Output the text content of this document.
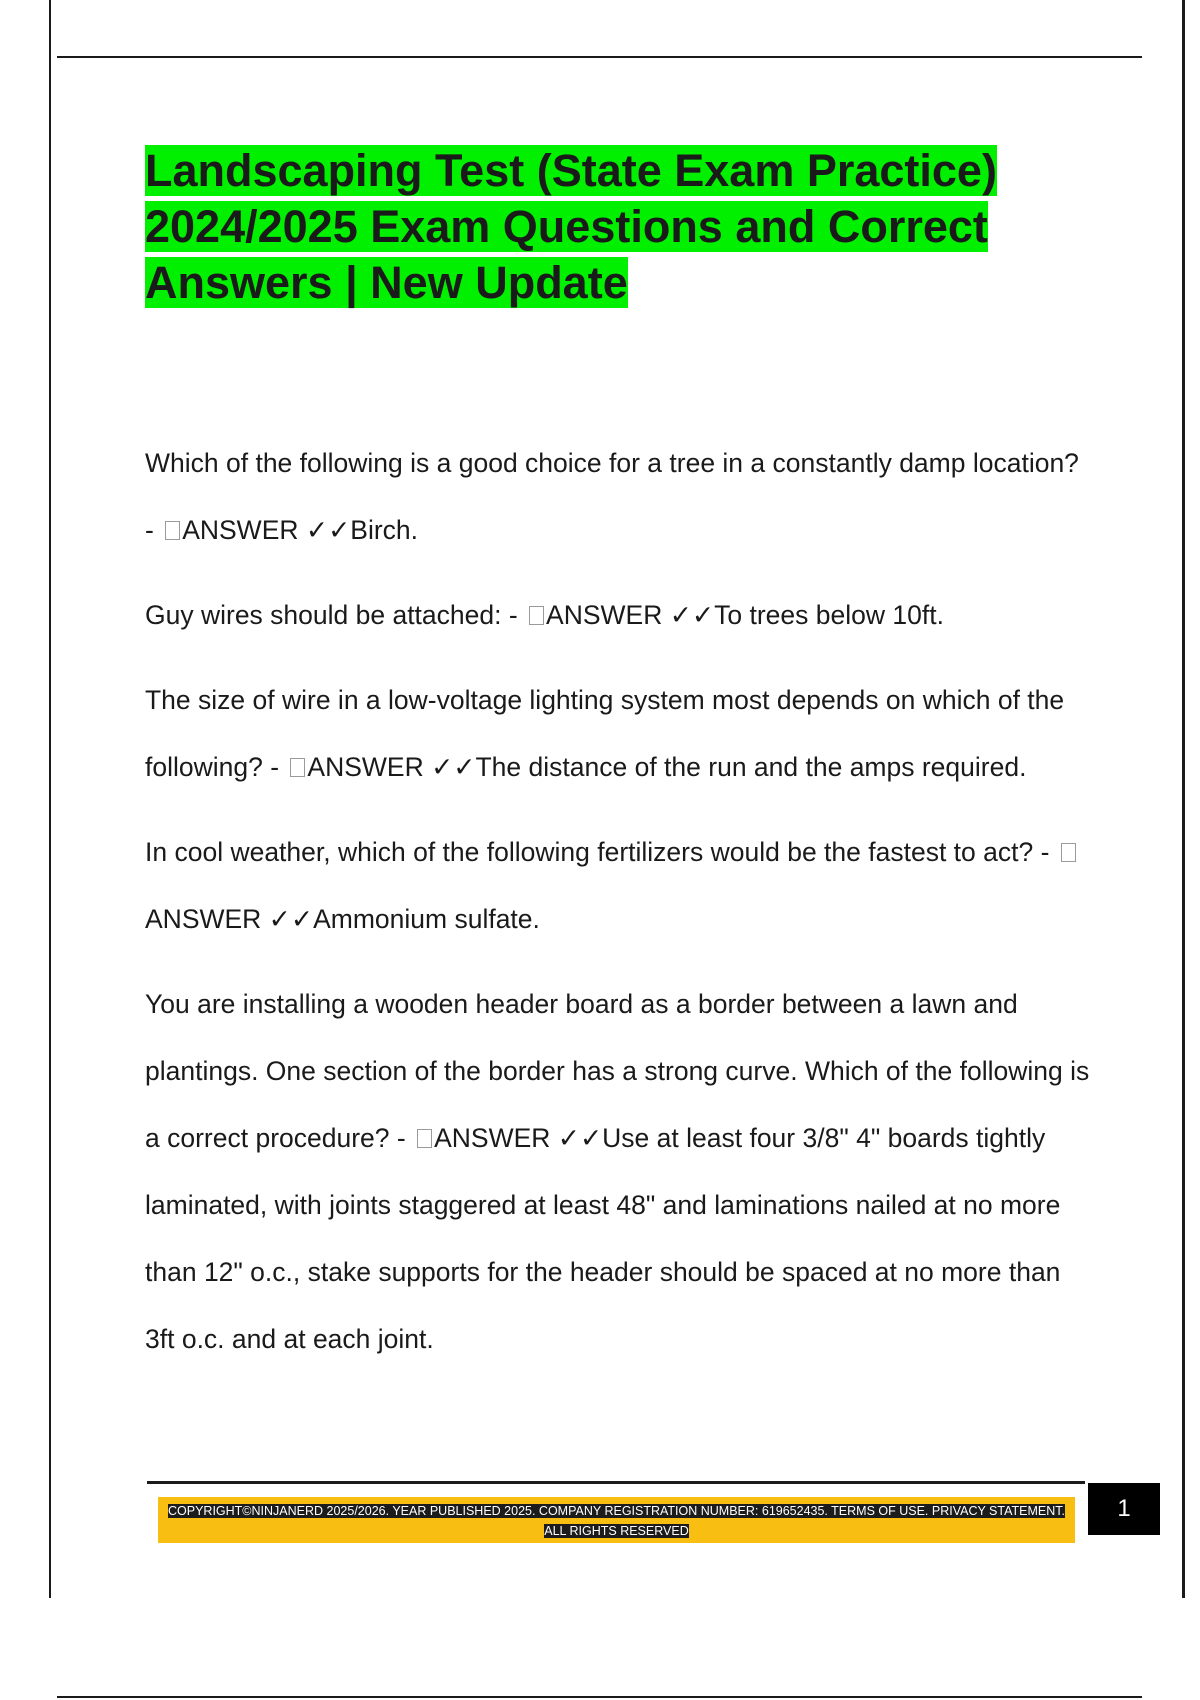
Landscaping Test (State Exam Practice) 2024/2025 Exam Questions and Correct Answers | New Update

Which of the following is a good choice for a tree in a constantly damp location? - ANSWER ✓✓Birch.

Guy wires should be attached: - ANSWER ✓✓To trees below 10ft.

The size of wire in a low-voltage lighting system most depends on which of the following? - ANSWER ✓✓The distance of the run and the amps required.

In cool weather, which of the following fertilizers would be the fastest to act? - ANSWER ✓✓Ammonium sulfate.

You are installing a wooden header board as a border between a lawn and plantings. One section of the border has a strong curve. Which of the following is a correct procedure? - ANSWER ✓✓Use at least four 3/8" 4" boards tightly laminated, with joints staggered at least 48" and laminations nailed at no more than 12" o.c., stake supports for the header should be spaced at no more than 3ft o.c. and at each joint.

COPYRIGHT©NINJANERD 2025/2026. YEAR PUBLISHED 2025. COMPANY REGISTRATION NUMBER: 619652435. TERMS OF USE. PRIVACY STATEMENT. ALL RIGHTS RESERVED

1
